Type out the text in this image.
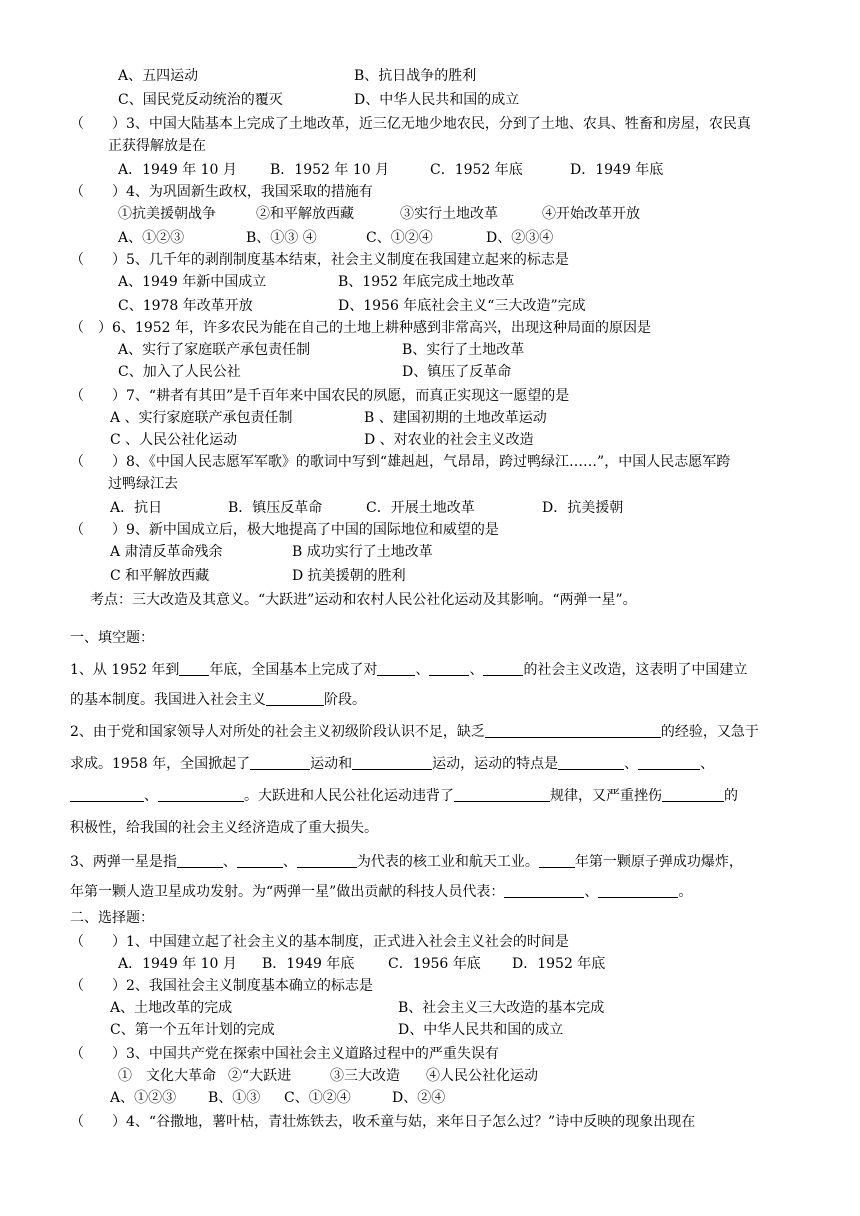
A、五四运动	B、抗日战争的胜利
C、国民党反动统治的覆灭	D、中华人民共和国的成立
（　　）3、中国大陆基本上完成了土地改革，近三亿无地少地农民，分到了土地、农具、牲畜和房屋，农民真
正获得解放是在
A．1949 年 10 月 B．1952 年 10 月	C．1952 年底	D．1949 年底
（　　）4、为巩固新生政权，我国采取的措施有
①抗美援朝战争	②和平解放西藏	③实行土地改革	④开始改革开放
A、①②③	B、①③ ④	C、①②④	D、②③④
（　　）5、几千年的剥削制度基本结束，社会主义制度在我国建立起来的标志是
A、1949 年新中国成立	B、1952 年底完成土地改革
C、1978 年改革开放	D、1956 年底社会主义“三大改造”完成
（　）6、1952 年，许多农民为能在自己的土地上耕种感到非常高兴，出现这种局面的原因是
A、实行了家庭联产承包责任制	B、实行了土地改革
C、加入了人民公社	D、镇压了反革命
（　　）7、“耕者有其田”是千百年来中国农民的夙愿，而真正实现这一愿望的是
A 、实行家庭联产承包责任制	B 、建国初期的土地改革运动
C 、人民公社化运动	D 、对农业的社会主义改造
（　　）8、《中国人民志愿军军歌》的歌词中写到“雄赳赳，气昂昂，跨过鸭绿江……”，中国人民志愿军跨
过鸭绿江去
A．抗日	B．镇压反革命	C．开展土地改革	D．抗美援朝
（　　）9、新中国成立后，极大地提高了中国的国际地位和威望的是
A 肃清反革命残余	B 成功实行了土地改革
C 和平解放西藏	D 抗美援朝的胜利
考点：三大改造及其意义。“大跃进”运动和农村人民公社化运动及其影响。“两弹一星”。
一、填空题：
1、从 1952 年到 年底，全国基本上完成了对	、	、	的社会主义改造，这表明了中国建立
的基本制度。我国进入社会主义	阶段。
2、由于党和国家领导人对所处的社会主义初级阶段认识不足，缺乏	的经验，又急于
求成。1958 年，全国掀起了	运动和	运动，运动的特点是	、	、
、	。大跃进和人民公社化运动违背了	规律，又严重挫伤	的
积极性，给我国的社会主义经济造成了重大损失。
3、两弹一星是指	、	、	为代表的核工业和航天工业。	年第一颗原子弹成功爆炸，
年第一颗人造卫星成功发射。为“两弹一星”做出贡献的科技人员代表：	、	。
二、选择题：
（　　）1、中国建立起了社会主义的基本制度，正式进入社会主义社会的时间是
A．1949 年 10 月 B．1949 年底 C．1956 年底 D．1952 年底
（　　）2、我国社会主义制度基本确立的标志是
A、土地改革的完成	B、社会主义三大改造的基本完成
C、第一个五年计划的完成	D、中华人民共和国的成立
（　　）3、中国共产党在探索中国社会主义道路过程中的严重失误有
①　文化大革命 ②“大跃进	③三大改造 ④人民公社化运动
A、①②③ B、①③ C、①②④	D、②④
（　　）4、“谷撒地，薯叶枯，青壮炼铁去，收禾童与姑，来年日子怎么过？”诗中反映的现象出现在
